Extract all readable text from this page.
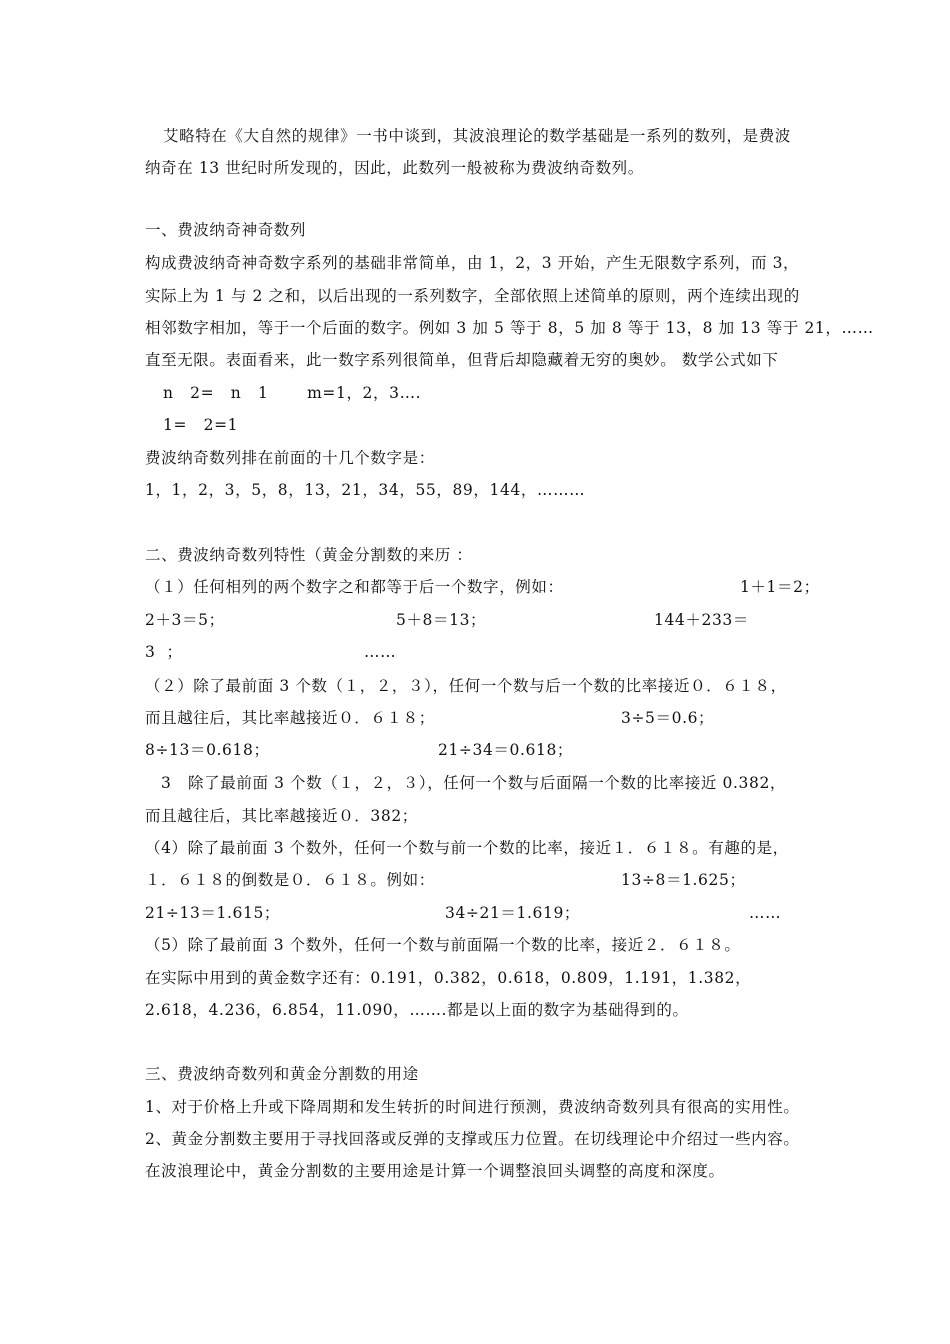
艾略特在《大自然的规律》一书中谈到，其波浪理论的数学基础是一系列的数列，是费波
纳奇在 13 世纪时所发现的，因此，此数列一般被称为费波纳奇数列。
一、费波纳奇神奇数列
构成费波纳奇神奇数字系列的基础非常简单，由 1，2，3 开始，产生无限数字系列，而 3，
实际上为 1 与 2 之和，以后出现的一系列数字，全部依照上述简单的原则，两个连续出现的
相邻数字相加，等于一个后面的数字。例如 3 加 5 等于 8，5 加 8 等于 13，8 加 13 等于 21，……
直至无限。表面看来，此一数字系列很简单，但背后却隐藏着无穷的奥妙。 数学公式如下
n   2=   n   1       m=1，2，3….
1=   2=1
费波纳奇数列排在前面的十几个数字是：
1，1，2，3，5，8，13，21，34，55，89，144，………
二、费波纳奇数列特性（黄金分割数的来历 ：
（１）任何相列的两个数字之和都等于后一个数字，例如：	1＋1＝2；
2＋3＝5；	5＋8＝13；	144＋233＝
3  ；	……
（２）除了最前面 3 个数（１，２，３），任何一个数与后一个数的比率接近０．６１８，
而且越往后，其比率越接近０．６１８；	3÷5＝0.6；
8÷13＝0.618；	21÷34＝0.618；
3   除了最前面 3 个数（１，２，３），任何一个数与后面隔一个数的比率接近 0.382，
而且越往后，其比率越接近０．382；
（4）除了最前面 3 个数外，任何一个数与前一个数的比率，接近１．６１８。有趣的是，
１．６１８的倒数是０．６１８。例如：	13÷8＝1.625；
21÷13＝1.615；	34÷21＝1.619；	……
（5）除了最前面 3 个数外，任何一个数与前面隔一个数的比率，接近２．６１８。
在实际中用到的黄金数字还有：0.191，0.382，0.618，0.809，1.191，1.382，
2.618，4.236，6.854，11.090，…….都是以上面的数字为基础得到的。
三、费波纳奇数列和黄金分割数的用途
1、对于价格上升或下降周期和发生转折的时间进行预测，费波纳奇数列具有很高的实用性。
2、黄金分割数主要用于寻找回落或反弹的支撑或压力位置。在切线理论中介绍过一些内容。
在波浪理论中，黄金分割数的主要用途是计算一个调整浪回头调整的高度和深度。
